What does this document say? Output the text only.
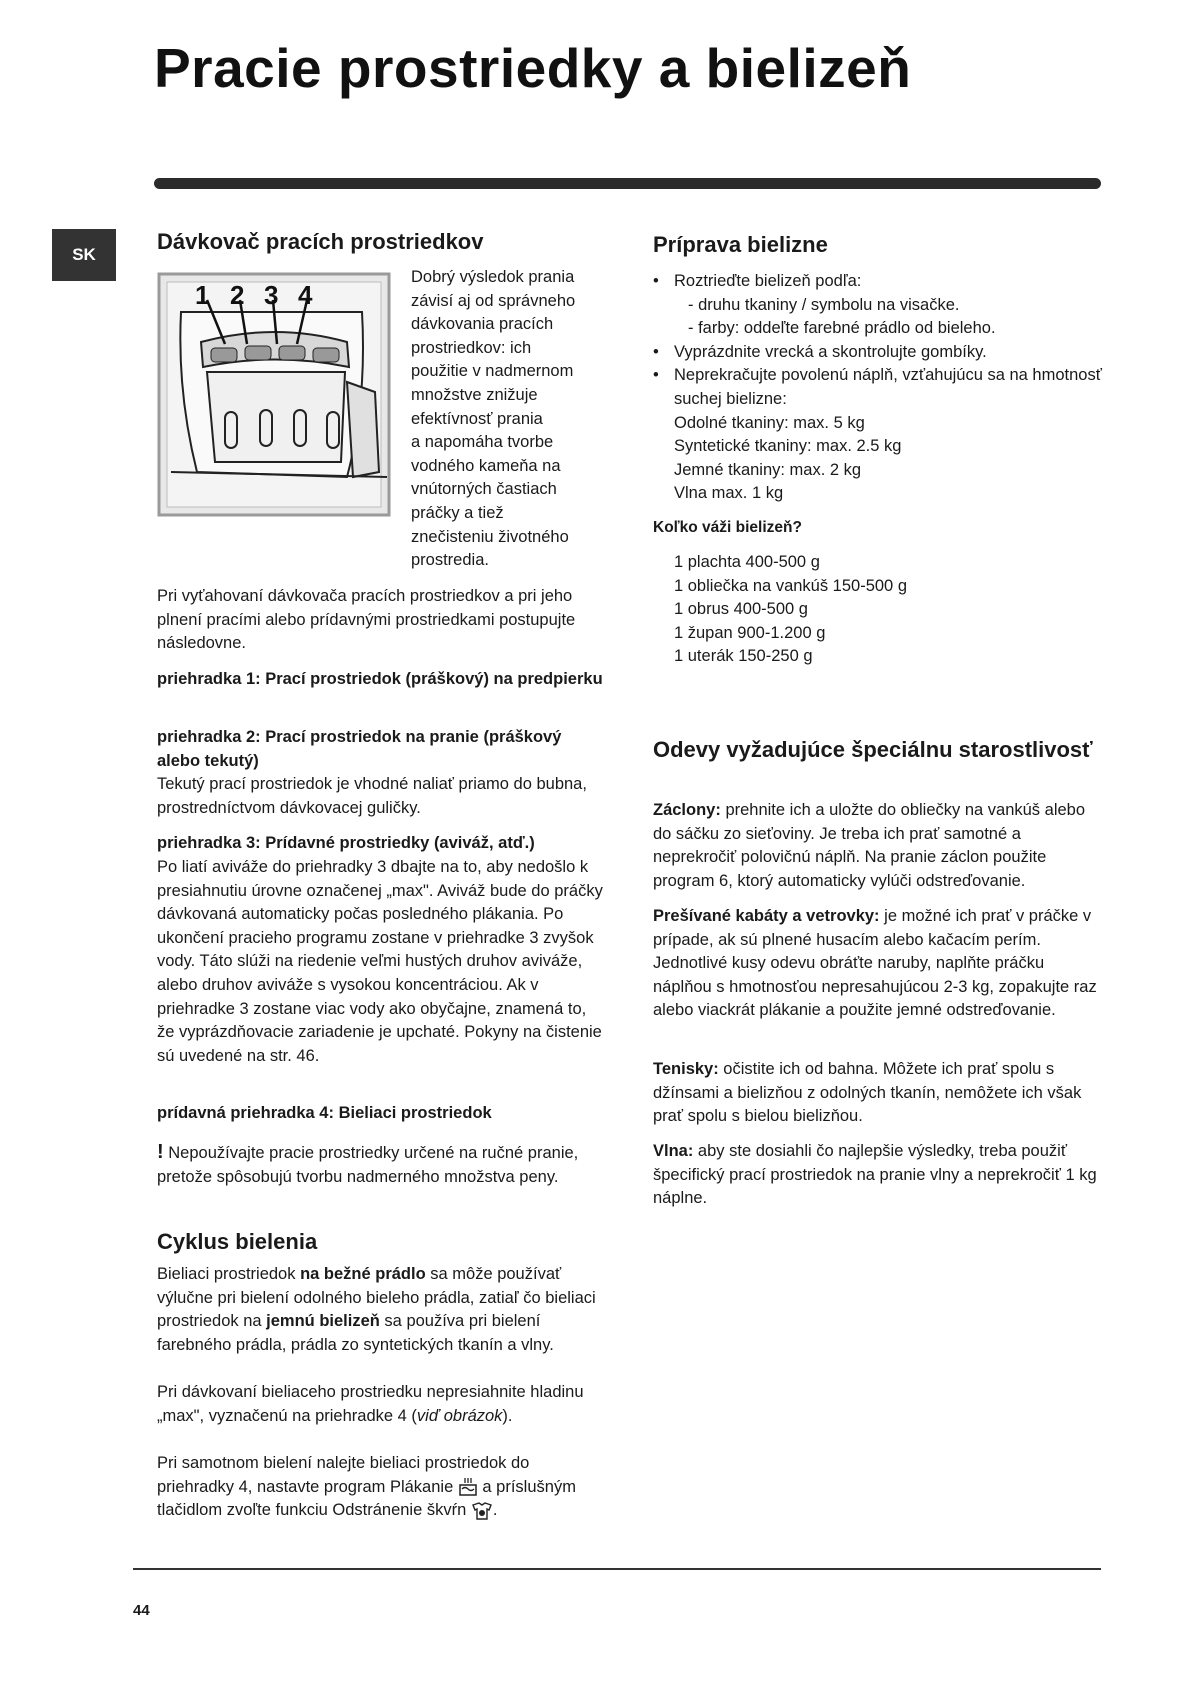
Pracie prostriedky a bielizeň
SK
Dávkovač pracích prostriedkov
1 2 3 4
Dobrý výsledok prania
závisí aj od správneho
dávkovania pracích
prostriedkov: ich
použitie v nadmernom
množstve znižuje
efektívnosť prania
a napomáha tvorbe
vodného kameňa na
vnútorných častiach
práčky a tiež
znečisteniu životného
prostredia.

Pri vyťahovaní dávkovača pracích prostriedkov a pri jeho plnení pracími alebo prídavnými prostriedkami postupujte následovne.

priehradka 1: Prací prostriedok (práškový) na predpierku

priehradka 2: Prací prostriedok na pranie (práškový alebo tekutý)

Tekutý prací prostriedok je vhodné naliať priamo do bubna, prostredníctvom dávkovacej guličky.

priehradka 3: Prídavné prostriedky (aviváž, atď.)

Po liatí aviváže do priehradky 3 dbajte na to, aby nedošlo k presiahnutiu úrovne označenej „max". Aviváž bude do práčky dávkovaná automaticky počas posledného plákania. Po ukončení pracieho programu zostane v priehradke 3 zvyšok vody. Táto slúži na riedenie veľmi hustých druhov aviváže, alebo druhov aviváže s vysokou koncentráciou. Ak v priehradke 3 zostane viac vody ako obyčajne, znamená to, že vyprázdňovacie zariadenie je upchaté. Pokyny na čistenie sú uvedené na str. 46.

prídavná priehradka 4: Bieliaci prostriedok

! Nepoužívajte pracie prostriedky určené na ručné pranie, pretože spôsobujú tvorbu nadmerného množstva peny.

Cyklus bielenia

Bieliaci prostriedok na bežné prádlo sa môže používať výlučne pri bielení odolného bieleho prádla, zatiaľ čo bieliaci prostriedok na jemnú bielizeň sa používa pri bielení farebného prádla, prádla zo syntetických tkanín a vlny.

Pri dávkovaní bieliaceho prostriedku nepresiahnite hladinu „max", vyznačenú na priehradke 4 (viď obrázok).

Pri samotnom bielení nalejte bieliaci prostriedok do priehradky 4, nastavte program Plákanie  a príslušným tlačidlom zvoľte funkciu Odstránenie škvŕn .

Príprava bielizne
• Roztrieďte bielizeň podľa:
- druhu tkaniny / symbolu na visačke.
- farby: oddeľte farebné prádlo od bieleho.
• Vyprázdnite vrecká a skontrolujte gombíky.
• Neprekračujte povolenú náplň, vzťahujúcu sa na hmotnosť suchej bielizne:
Odolné tkaniny: max. 5 kg
Syntetické tkaniny: max. 2.5 kg
Jemné tkaniny: max. 2 kg
Vlna max. 1 kg
Koľko váži bielizeň?
1 plachta 400-500 g
1 obliečka na vankúš 150-500 g
1 obrus 400-500 g
1 župan 900-1.200 g
1 uterák 150-250 g
Odevy vyžadujúce špeciálnu starostlivosť

Záclony: prehnite ich a uložte do obliečky na vankúš alebo do sáčku zo sieťoviny. Je treba ich prať samotné a neprekročiť polovičnú náplň. Na pranie záclon použite program 6, ktorý automaticky vylúči odstreďovanie.

Prešívané kabáty a vetrovky: je možné ich prať v práčke v prípade, ak sú plnené husacím alebo kačacím perím. Jednotlivé kusy odevu obráťte naruby, naplňte práčku náplňou s hmotnosťou nepresahujúcou 2-3 kg, zopakujte raz alebo viackrát plákanie a použite jemné odstreďovanie.

Tenisky: očistite ich od bahna. Môžete ich prať spolu s džínsami a bielizňou z odolných tkanín, nemôžete ich však prať spolu s bielou bielizňou.

Vlna: aby ste dosiahli čo najlepšie výsledky, treba použiť špecifický prací prostriedok na pranie vlny a neprekročiť 1 kg náplne.

44
